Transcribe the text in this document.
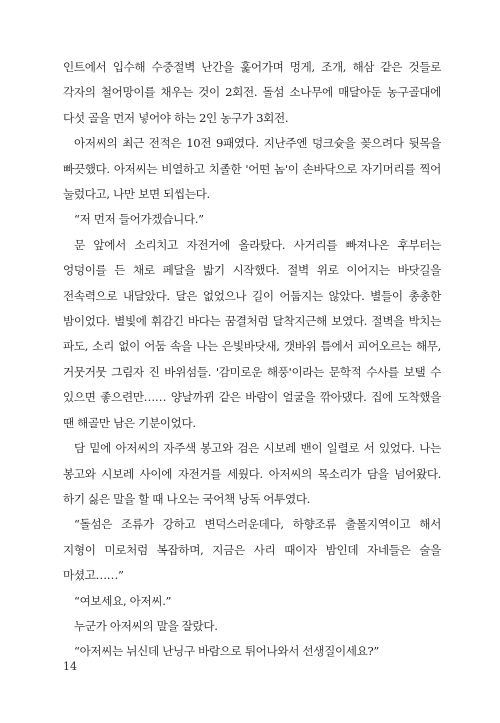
인트에서 입수해 수중절벽 난간을 훑어가며 멍게, 조개, 해삼 같은 것들로 각자의 철어망이를 채우는 것이 2회전. 돌섬 소나무에 매달아둔 농구골대에 다섯 골을 먼저 넣어야 하는 2인 농구가 3회전.

아저씨의 최근 전적은 10전 9패였다. 지난주엔 덩크슛을 꽂으려다 뒷목을 빠끗했다. 아저씨는 비열하고 치졸한 '어떤 놈'이 손바닥으로 자기머리를 찍어 눌렀다고, 나만 보면 되씹는다.

“저 먼저 들어가겠습니다.”

문 앞에서 소리치고 자전거에 올라탔다. 사거리를 빠져나온 후부터는 엉덩이를 든 채로 페달을 밟기 시작했다. 절벽 위로 이어지는 바닷길을 전속력으로 내달았다. 달은 없었으나 길이 어둡지는 않았다. 별들이 총총한 밤이었다. 별빛에 휘감긴 바다는 꿈결처럼 달착지근해 보였다. 절벽을 박치는 파도, 소리 없이 어둠 속을 나는 은빛바닷새, 갯바위 틈에서 피어오르는 해무, 거뭇거뭇 그림자 진 바위섬들. '감미로운 해풍'이라는 문학적 수사를 보탤 수 있으면 좋으련만…… 양날까뀌 같은 바람이 얼굴을 깎아댔다. 집에 도착했을 땐 해골만 남은 기분이었다.

담 밑에 아저씨의 자주색 봉고와 검은 시보레 밴이 일렬로 서 있었다. 나는 봉고와 시보레 사이에 자전거를 세웠다. 아저씨의 목소리가 담을 넘어왔다. 하기 싫은 말을 할 때 나오는 국어책 낭독 어투였다.

“돌섬은 조류가 강하고 변덕스러운데다, 하향조류 출몰지역이고 해서 지형이 미로처럼 복잡하며, 지금은 사리 때이자 밤인데 자네들은 술을 마셨고……”

“여보세요, 아저씨.”

누군가 아저씨의 말을 잘랐다.

“아저씨는 뉘신데 난닝구 바람으로 튀어나와서 선생질이세요?”

14
